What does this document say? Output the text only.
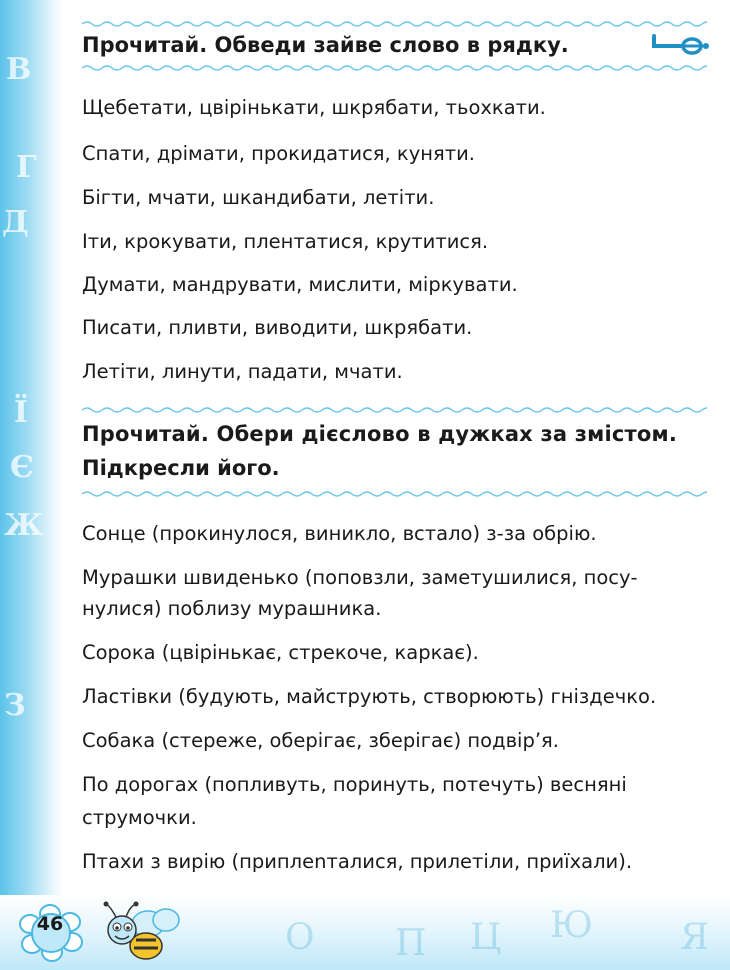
В
Г
Д
Ї
Є
Ж
З
О П Ц Ю Я

Прочитай. Обведи зайве слово в рядку.

Щебетати, цвірінькати, шкрябати, тьохкати.

Спати, дрімати, прокидатися, куняти.

Бігти, мчати, шкандибати, летіти.

Іти, крокувати, плентатися, крутитися.

Думати, мандрувати, мислити, міркувати.

Писати, пливти, виводити, шкрябати.

Летіти, линути, падати, мчати.

Прочитай. Обери дієслово в дужках за змістом.

Підкресли його.

Сонце (прокинулося, виникло, встало) з-за обрію.

Мурашки швиденько (поповзли, заметушилися, посу-

нулися) поблизу мурашника.

Сорока (цвірінькає, стрекоче, каркає).

Ластівки (будують, майструють, створюють) гніздечко.

Собака (стереже, оберігає, зберігає) подвір’я.

По дорогах (попливуть, поринуть, потечуть) весняні

струмочки.

Птахи з вирію (приплenталися, прилетіли, приїхали).

46
